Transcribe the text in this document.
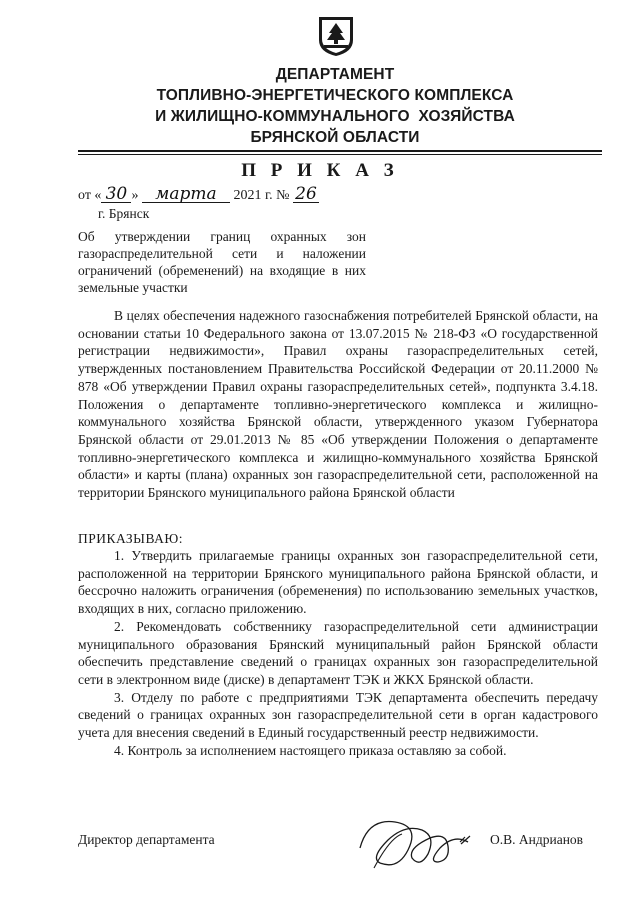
ДЕПАРТАМЕНТ
ТОПЛИВНО-ЭНЕРГЕТИЧЕСКОГО КОМПЛЕКСА
И ЖИЛИЩНО-КОММУНАЛЬНОГО  ХОЗЯЙСТВА
БРЯНСКОЙ ОБЛАСТИ
П Р И К А З
от « 30 » марта 2021 г. № 26
г. Брянск
Об утверждении границ охранных зон газораспределительной сети и наложении ограничений (обременений) на входящие в них земельные участки

В целях обеспечения надежного газоснабжения потребителей Брянской области, на основании статьи 10 Федерального закона от 13.07.2015 № 218-ФЗ «О государственной регистрации недвижимости», Правил охраны газораспределительных сетей, утвержденных постановлением Правительства Российской Федерации от 20.11.2000 № 878 «Об утверждении Правил охраны газораспределительных сетей», подпункта 3.4.18. Положения о департаменте топливно-энергетического комплекса и жилищно-коммунального хозяйства Брянской области, утвержденного указом Губернатора Брянской области от 29.01.2013 № 85 «Об утверждении Положения о департаменте топливно-энергетического комплекса и жилищно-коммунального хозяйства Брянской области» и карты (плана) охранных зон газораспределительной сети, расположенной на территории Брянского муниципального района Брянской области

ПРИКАЗЫВАЮ:

1. Утвердить прилагаемые границы охранных зон газораспределительной сети, расположенной на территории Брянского муниципального района Брянской области, и бессрочно наложить ограничения (обременения) по использованию земельных участков, входящих в них, согласно приложению.

2. Рекомендовать собственнику газораспределительной сети администрации муниципального образования Брянский муниципальный район Брянской области обеспечить представление сведений о границах охранных зон газораспределительной сети в электронном виде (диске) в департамент ТЭК и ЖКХ Брянской области.

3. Отделу по работе с предприятиями ТЭК департамента обеспечить передачу сведений о границах охранных зон газораспределительной сети в орган кадастрового учета для внесения сведений в Единый государственный реестр недвижимости.

4. Контроль за исполнением настоящего приказа оставляю за собой.

Директор департамента	О.В. Андрианов
